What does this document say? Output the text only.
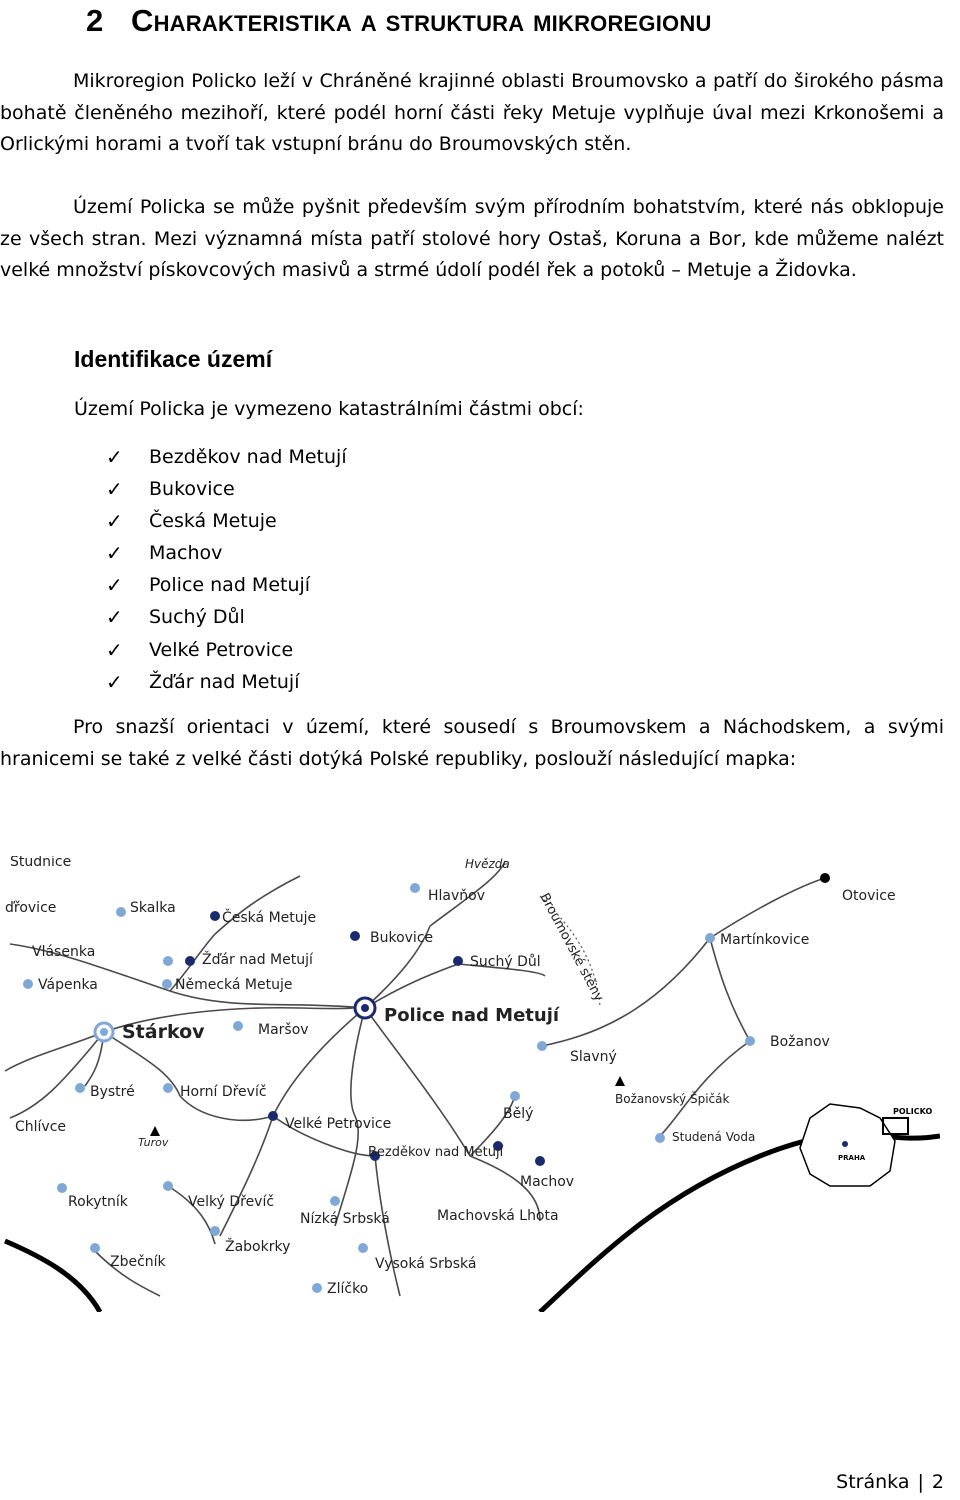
2 Charakteristika a struktura mikroregionu

Mikroregion Policko leží v Chráněné krajinné oblasti Broumovsko a patří do širokého pásma bohatě členěného mezihoří, které podél horní části řeky Metuje vyplňuje úval mezi Krkonošemi a Orlickými horami a tvoří tak vstupní bránu do Broumovských stěn.

Území Policka se může pyšnit především svým přírodním bohatstvím, které nás obklopuje ze všech stran. Mezi významná místa patří stolové hory Ostaš, Koruna a Bor, kde můžeme nalézt velké množství pískovcových masivů a strmé údolí podél řek a potoků – Metuje a Židovka.

Identifikace území
Území Policka je vymezeno katastrálními částmi obcí:
✓ Bezděkov nad Metují
✓ Bukovice
✓ Česká Metuje
✓ Machov
✓ Police nad Metují
✓ Suchý Důl
✓ Velké Petrovice
✓ Žďár nad Metují

Pro snazší orientaci v území, které sousedí s Broumovskem a Náchodskem, a svými hranicemi se také z velké části dotýká Polské republiky, poslouží následující mapka:

POLICKO
PRAHA
Studnice	Hvězda
Otovice
ďřovice	Skalka
Česká Metuje
Hlavňov
Vlásenka
Bukovice	Martínkovice
Žďár nad Metují	Suchý Důl
Vápenka	Německá Metuje
Stárkov
Police nad Metují
Maršov
Božanov
Slavný
Bystré	Horní Dřevíč	Božanovský Špičák
Chlívce
Turov
Bělý
Studená Voda
Velké Petrovice
Bezděkov nad Metují
Machov
Rokytník	Velký Dřevíč
Nízká Srbská	Machovská Lhota
Zbečník
Žabokrky
Vysoká Srbská
Zlíčko
Broumovské stěny
Stránka | 2
